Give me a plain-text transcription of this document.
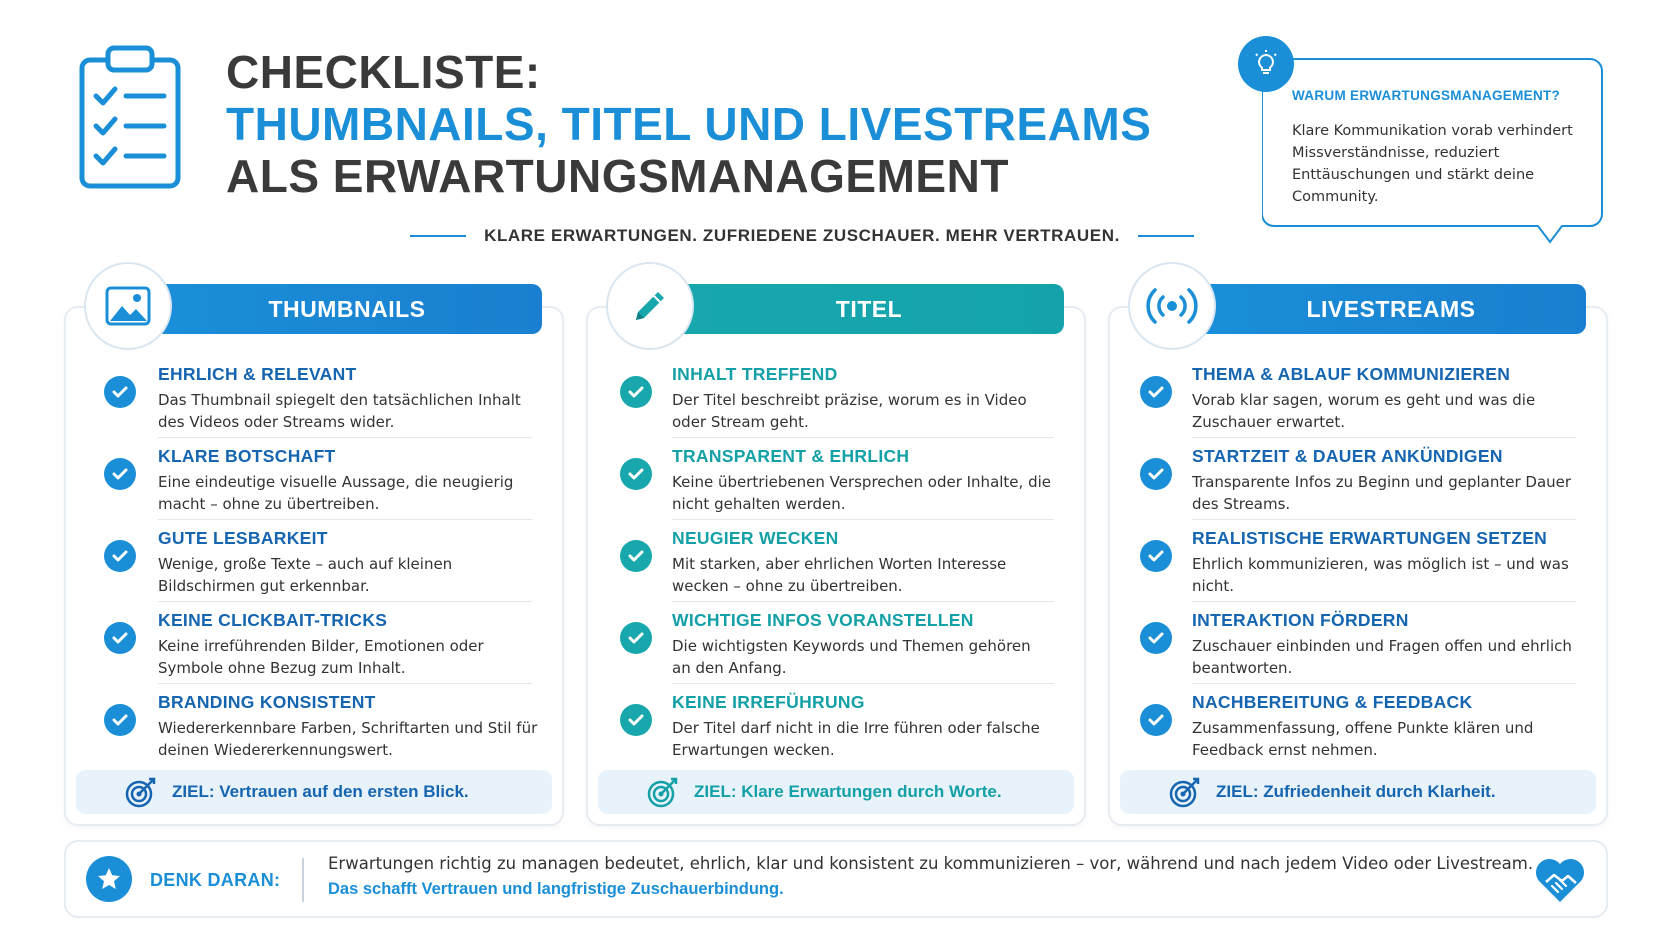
CHECKLISTE:
THUMBNAILS, TITEL UND LIVESTREAMS
ALS ERWARTUNGSMANAGEMENT
KLARE ERWARTUNGEN. ZUFRIEDENE ZUSCHAUER. MEHR VERTRAUEN.
WARUM ERWARTUNGSMANAGEMENT?
Klare Kommunikation vorab verhindert Missverständnisse, reduziert Enttäuschungen und stärkt deine Community.
EHRLICH & RELEVANT
Das Thumbnail spiegelt den tatsächlichen Inhalt des Videos oder Streams wider.
KLARE BOTSCHAFT
Eine eindeutige visuelle Aussage, die neugierig macht – ohne zu übertreiben.
GUTE LESBARKEIT
Wenige, große Texte – auch auf kleinen Bildschirmen gut erkennbar.
KEINE CLICKBAIT-TRICKS
Keine irreführenden Bilder, Emotionen oder Symbole ohne Bezug zum Inhalt.
BRANDING KONSISTENT
Wiedererkennbare Farben, Schriftarten und Stil für deinen Wiedererkennungswert.
ZIEL: Vertrauen auf den ersten Blick.
THUMBNAILS
INHALT TREFFEND
Der Titel beschreibt präzise, worum es in Video oder Stream geht.
TRANSPARENT & EHRLICH
Keine übertriebenen Versprechen oder Inhalte, die nicht gehalten werden.
NEUGIER WECKEN
Mit starken, aber ehrlichen Worten Interesse wecken – ohne zu übertreiben.
WICHTIGE INFOS VORANSTELLEN
Die wichtigsten Keywords und Themen gehören an den Anfang.
KEINE IRREFÜHRUNG
Der Titel darf nicht in die Irre führen oder falsche Erwartungen wecken.
ZIEL: Klare Erwartungen durch Worte.
TITEL
THEMA & ABLAUF KOMMUNIZIEREN
Vorab klar sagen, worum es geht und was die Zuschauer erwartet.
STARTZEIT & DAUER ANKÜNDIGEN
Transparente Infos zu Beginn und geplanter Dauer des Streams.
REALISTISCHE ERWARTUNGEN SETZEN
Ehrlich kommunizieren, was möglich ist – und was nicht.
INTERAKTION FÖRDERN
Zuschauer einbinden und Fragen offen und ehrlich beantworten.
NACHBEREITUNG & FEEDBACK
Zusammenfassung, offene Punkte klären und Feedback ernst nehmen.
ZIEL: Zufriedenheit durch Klarheit.
LIVESTREAMS
DENK DARAN:
Erwartungen richtig zu managen bedeutet, ehrlich, klar und konsistent zu kommunizieren – vor, während und nach jedem Video oder Livestream.
Das schafft Vertrauen und langfristige Zuschauerbindung.
